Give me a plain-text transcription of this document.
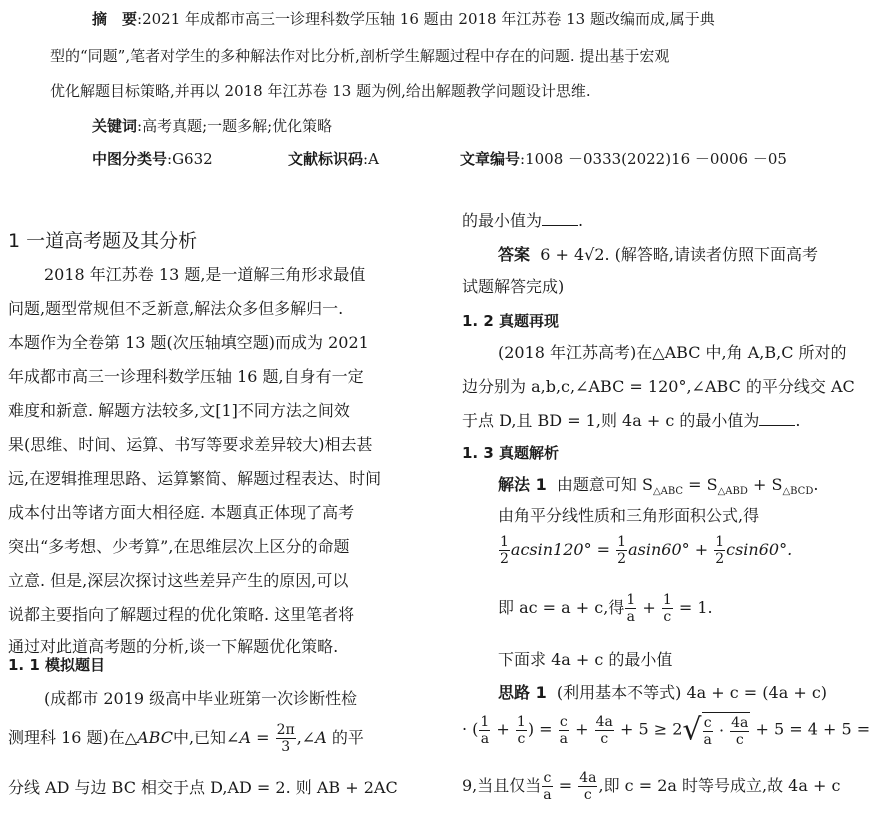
摘　要:2021 年成都市高三一诊理科数学压轴 16 题由 2018 年江苏卷 13 题改编而成,属于典
型的“同题”,笔者对学生的多种解法作对比分析,剖析学生解题过程中存在的问题. 提出基于宏观
优化解题目标策略,并再以 2018 年江苏卷 13 题为例,给出解题教学问题设计思维.
关键词:高考真题;一题多解;优化策略
中图分类号:G632	文献标识码:A	文章编号:1008 －0333(2022)16 －0006 －05
1 一道高考题及其分析
2018 年江苏卷 13 题,是一道解三角形求最值
问题,题型常规但不乏新意,解法众多但多解归一.
本题作为全卷第 13 题(次压轴填空题)而成为 2021
年成都市高三一诊理科数学压轴 16 题,自身有一定
难度和新意. 解题方法较多,文[1]不同方法之间效
果(思维、时间、运算、书写等要求差异较大)相去甚
远,在逻辑推理思路、运算繁简、解题过程表达、时间
成本付出等诸方面大相径庭. 本题真正体现了高考
突出“多考想、少考算”,在思维层次上区分的命题
立意. 但是,深层次探讨这些差异产生的原因,可以
说都主要指向了解题过程的优化策略. 这里笔者将
通过对此道高考题的分析,谈一下解题优化策略.
1. 1 模拟题目
(成都市 2019 级高中毕业班第一次诊断性检
测理科 16 题)在△ABC中,已知∠A = $\frac{2\pi}{3}$ ,∠A 的平
分线 AD 与边 BC 相交于点 D,AD = 2. 则 AB + 2AC
的最小值为 .
答案 6 + 4√2. (解答略,请读者仿照下面高考
试题解答完成)
1. 2 真题再现
(2018 年江苏高考)在△ABC 中,角 A,B,C 所对的
边分别为 a,b,c,∠ABC = 120°,∠ABC 的平分线交 AC
于点 D,且 BD = 1,则 4a + c 的最小值为 .
1. 3 真题解析
解法 1 由题意可知 $S_{\triangle ABC} = S_{\triangle ABD} + S_{\triangle BCD}$.
由角平分线性质和三角形面积公式,得
$\frac{1}{2} acsin120^\circ = \frac{1}{2} asin60^\circ + \frac{1}{2} csin60^\circ$.
即 ac = a + c,得 $\frac{1}{a} + \frac{1}{c} = 1$.
下面求 4a + c 的最小值
思路 1 (利用基本不等式) 4a + c = (4a + c)
· ( $\frac{1}{a} + \frac{1}{c}$ ) = $\frac{c}{a} + \frac{4a}{c} + 5 \ge 2√ \frac{c}{a} \cdot \frac{4a}{c} + 5 = 4 + 5$ =
9,当且仅当 $\frac{c}{a} = \frac{4a}{c}$ ,即 c = 2a 时等号成立,故 4a + c
